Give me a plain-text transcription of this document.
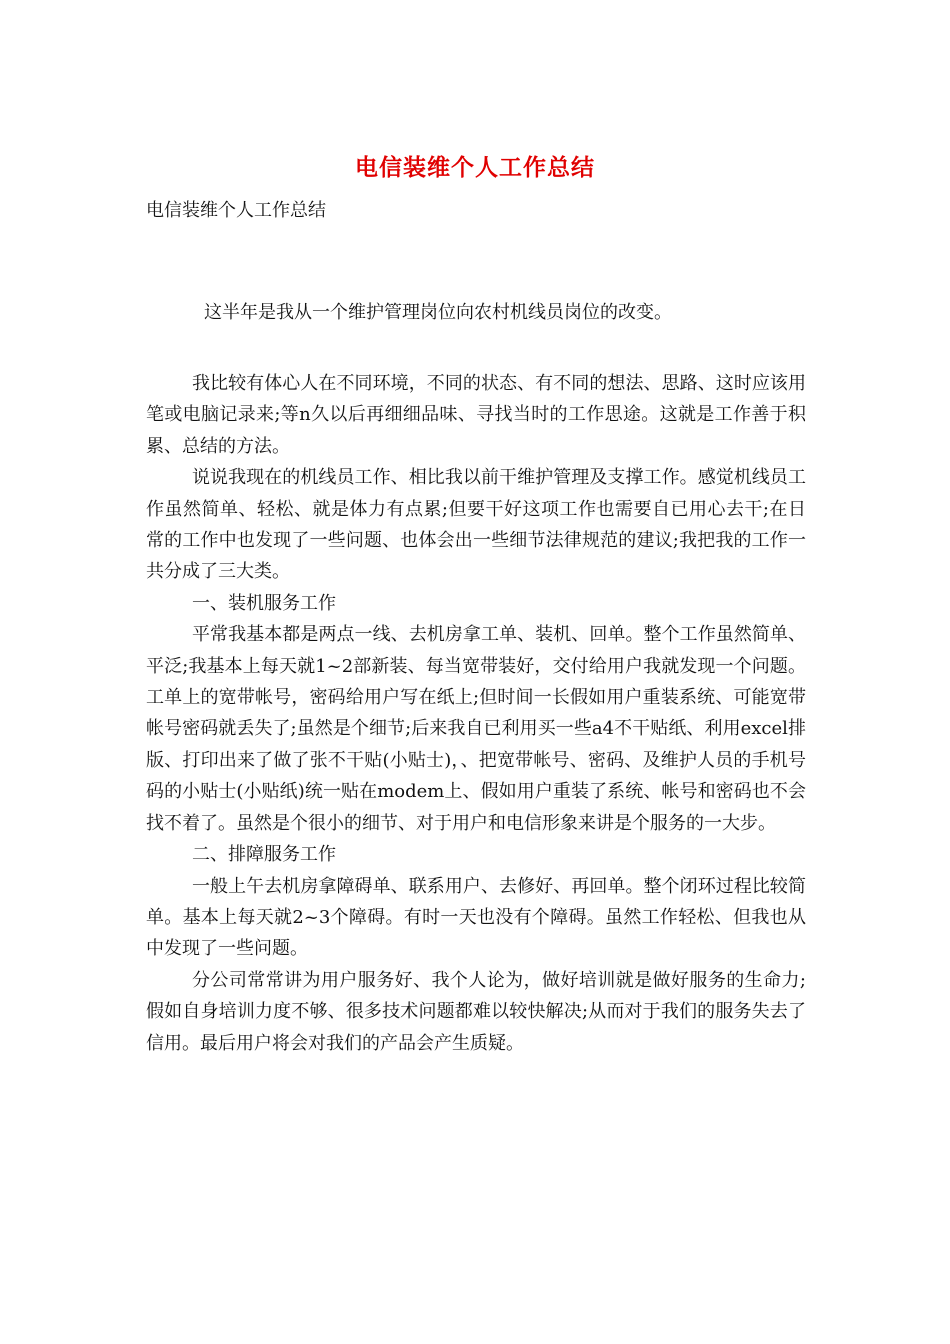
电信装维个人工作总结
电信装维个人工作总结
这半年是我从一个维护管理岗位向农村机线员岗位的改变。

我比较有体心人在不同环境，不同的状态、有不同的想法、思路、这时应该用笔或电脑记录来;等n久以后再细细品味、寻找当时的工作思途。这就是工作善于积累、总结的方法。

说说我现在的机线员工作、相比我以前干维护管理及支撑工作。感觉机线员工作虽然简单、轻松、就是体力有点累;但要干好这项工作也需要自已用心去干;在日常的工作中也发现了一些问题、也体会出一些细节法律规范的建议;我把我的工作一共分成了三大类。

一、装机服务工作

平常我基本都是两点一线、去机房拿工单、装机、回单。整个工作虽然简单、平泛;我基本上每天就1~2部新装、每当宽带装好，交付给用户我就发现一个问题。工单上的宽带帐号，密码给用户写在纸上;但时间一长假如用户重装系统、可能宽带帐号密码就丢失了;虽然是个细节;后来我自已利用买一些a4不干贴纸、利用excel排版、打印出来了做了张不干贴(小贴士)，、把宽带帐号、密码、及维护人员的手机号码的小贴士(小贴纸)统一贴在modem上、假如用户重装了系统、帐号和密码也不会找不着了。虽然是个很小的细节、对于用户和电信形象来讲是个服务的一大步。

二、排障服务工作

一般上午去机房拿障碍单、联系用户、去修好、再回单。整个闭环过程比较简单。基本上每天就2~3个障碍。有时一天也没有个障碍。虽然工作轻松、但我也从中发现了一些问题。

分公司常常讲为用户服务好、我个人论为，做好培训就是做好服务的生命力;假如自身培训力度不够、很多技术问题都难以较快解决;从而对于我们的服务失去了信用。最后用户将会对我们的产品会产生质疑。
